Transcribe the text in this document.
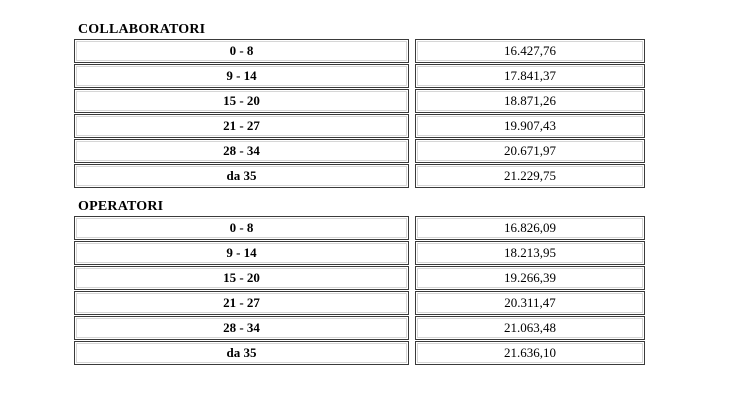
COLLABORATORI
0 - 8	16.427,76
9 - 14	17.841,37
15 - 20	18.871,26
21 - 27	19.907,43
28 - 34	20.671,97
da 35	21.229,75
OPERATORI
0 - 8	16.826,09
9 - 14	18.213,95
15 - 20	19.266,39
21 - 27	20.311,47
28 - 34	21.063,48
da 35	21.636,10
